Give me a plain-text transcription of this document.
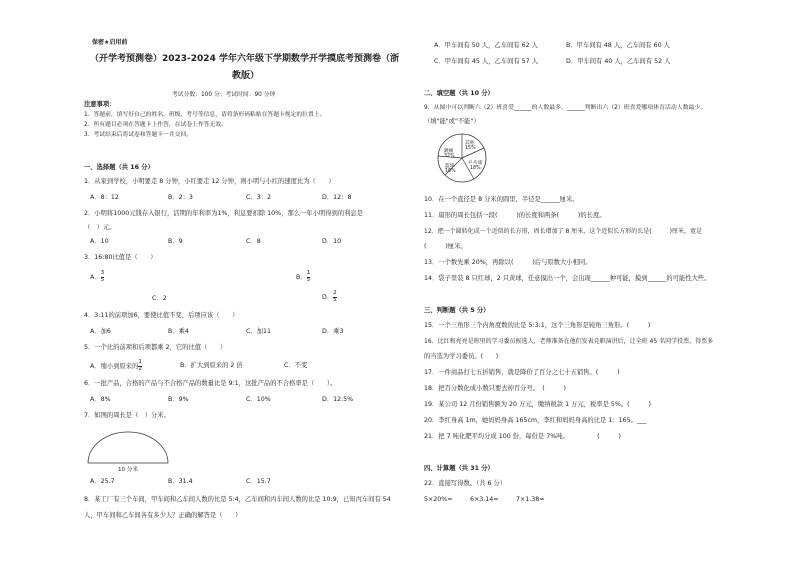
保密★启用前
（开学考预测卷）2023-2024 学年六年级下学期数学开学摸底考预测卷（浙
教版）
考试分数：100 分；考试时间：90 分钟
注意事项：
1．答题前，填写好自己的姓名、班级、考号等信息，请将条形码粘贴在答题卡规定的位置上。
2．所有题目必须在答题卡上作答，在试卷上作答无效。
3．考试结束后将试卷和答题卡一并交回。
一、选择题（共 16 分）
1．从家到学校，小明要走 8 分钟，小红要走 12 分钟，则小明与小红的速度比为（　　）
A．8：12	B．2：3	C．3：2	D．12：8
2．小明将1000元钱存入银行，活期的年利率为1%，利息要扣除 10%，那么一年小明得到的利息是
（　）元。
A．10	B．9	C．8	D．10
3．16:80比值是（　　）
A． $\frac{3}{5}$	B． $\frac{1}{5}$
C．2	D． $\frac{2}{5}$
4．3:11的前项加6，要使比值不变，后项应该（　　）
A．加6	B．乘4	C．加11	D．乘3
5．一个比的前项和后项都乘 2，它的比值（　　）
A．缩小到原来的 $\frac{1}{2}$	B．扩大到原来的 2 倍	C．不变
6．一批产品，合格的产品与不合格产品的数量比是 9:1，这批产品的不合格率是（　　）。
A．8%	B．9%	C．10%	D．12.5%
7．如图的周长是（　）分米。
10 分米
A．25.7	B．31.4	C．15.7
8．某工厂有三个车间，甲车间和乙车间人数的比是 5:4，乙车间和丙车间人数的比是 10:9，已知丙车间有 54
人，甲车间和乙车间各有多少人？正确的解答是（　　）
A．甲车间有 50 人，乙车间有 62 人	B．甲车间有 48 人，乙车间有 60 人
C．甲车间有 45 人，乙车间有 57 人	D．甲车间有 40 人，乙车间有 52 人
二、填空题（共 10 分）
9．从图中可以判断六（2）班喜爱______的人数最多，______判断出六（2）班喜爱哪项体育活动人数最少。
（填"能"或"不能"）
跳绳
32%
其他
15%
篮球
18%
乒乓球
18%
10．在一个直径是 8 分米的圆里，半径是______厘米。
11．扇形的周长包括一段(　　　)的长度和两条(　　　)的长度。
12．把一个圆转化成一个近似的长方形，周长增加了 8 厘米，这个近似长方形的长是(　　　)厘米，宽是
(　　　)厘米。
13．一个数先乘 20%，再除以(　　　)后与原数大小相同。
14．袋子里装 8 只红球，2 只黄球，任意摸出一个，会出现______种可能，摸到______的可能性大些。
三、判断题（共 5 分）
15．一个三角形三个内角度数的比是 5:3:1，这个三角形是钝角三角形。(　　　)
16．比红和亮亮是班里的学习委员候选人，老师准备在他们发表竞职演讲后，让全班 45 名同学投票，得票多
的当选为学习委员。(　　)
17．一件商品打七五折销售，就是降价了百分之七十五销售。(　　　)
18．把百分数化成小数只要去掉百分号。　(　　　)
19．某公司 12 月份销售额为 20 万元，缴纳税款 1 万元，税率是 5%。(　　　)
20．李红身高 1m，她妈妈身高 165cm，李红和妈妈身高的比是 1：165。___
21．把 7 吨化肥平均分成 100 份，每份是 7%吨。　　　　　(　　　)
四、计算题（共 31 分）
22．直接写得数。（共 6 分）
5×20%=	6×3.14=	7×1.38=
